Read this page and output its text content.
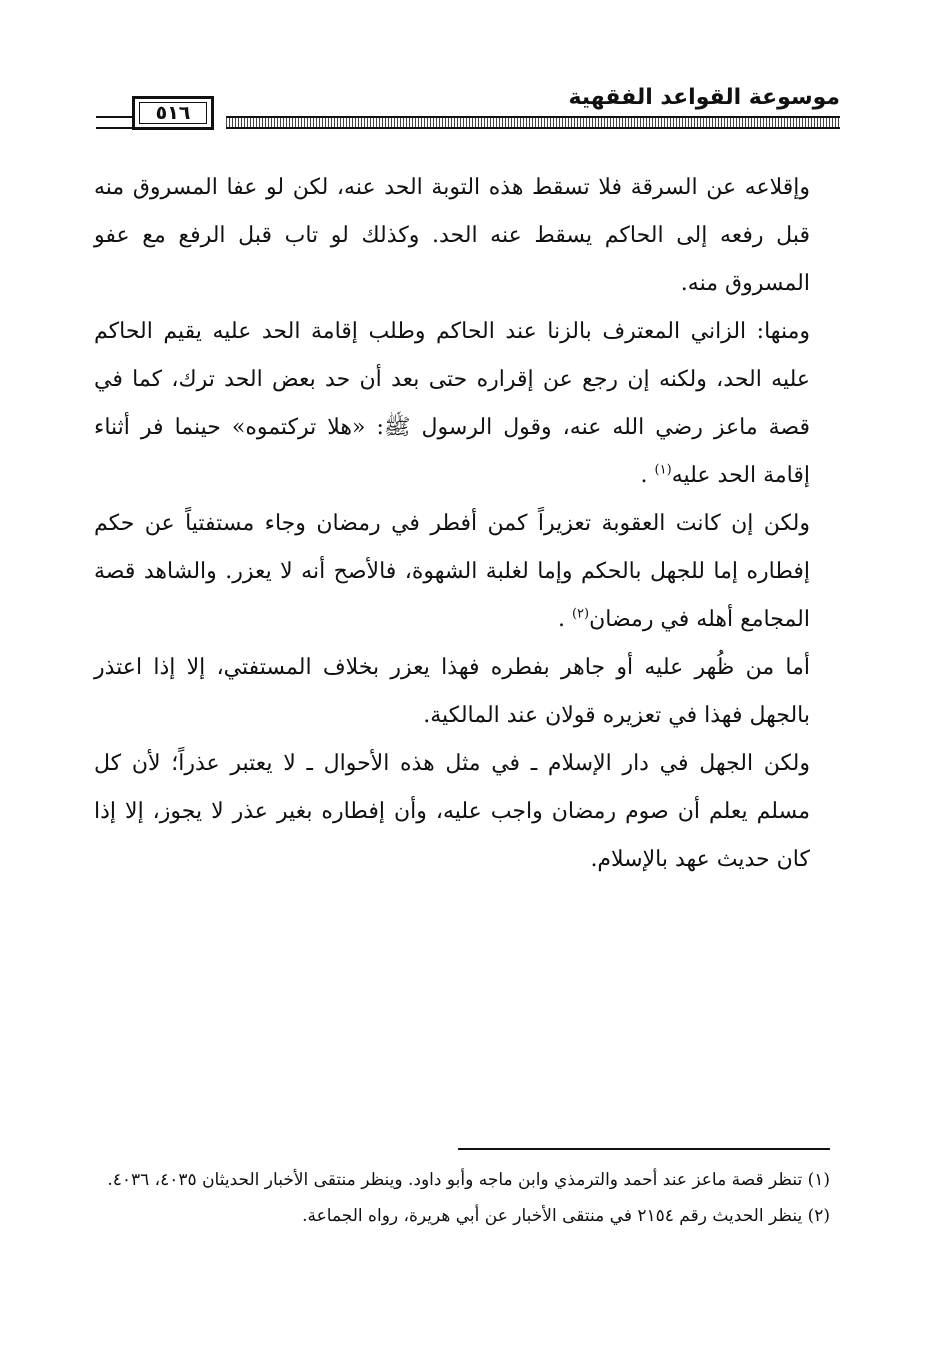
٥١٦
موسوعة القواعد الفقهية

وإقلاعه عن السرقة فلا تسقط هذه التوبة الحد عنه، لكن لو عفا المسروق منه قبل رفعه إلى الحاكم يسقط عنه الحد. وكذلك لو تاب قبل الرفع مع عفو المسروق منه.

ومنها: الزاني المعترف بالزنا عند الحاكم وطلب إقامة الحد عليه يقيم الحاكم عليه الحد، ولكنه إن رجع عن إقراره حتى بعد أن حد بعض الحد ترك، كما في قصة ماعز رضي الله عنه، وقول الرسول ﷺ: «هلا تركتموه» حينما فر أثناء إقامة الحد عليه$^{(١)}$ .

ولكن إن كانت العقوبة تعزيراً كمن أفطر في رمضان وجاء مستفتياً عن حكم إفطاره إما للجهل بالحكم وإما لغلبة الشهوة، فالأصح أنه لا يعزر. والشاهد قصة المجامع أهله في رمضان$^{(٢)}$ .

أما من ظُهر عليه أو جاهر بفطره فهذا يعزر بخلاف المستفتي، إلا إذا اعتذر بالجهل فهذا في تعزيره قولان عند المالكية.

ولكن الجهل في دار الإسلام ـ في مثل هذه الأحوال ـ لا يعتبر عذراً؛ لأن كل مسلم يعلم أن صوم رمضان واجب عليه، وأن إفطاره بغير عذر لا يجوز، إلا إذا كان حديث عهد بالإسلام.

(١) تنظر قصة ماعز عند أحمد والترمذي وابن ماجه وأبو داود. وينظر منتقى الأخبار الحديثان ٤٠٣٥، ٤٠٣٦.

(٢) ينظر الحديث رقم ٢١٥٤ في منتقى الأخبار عن أبي هريرة، رواه الجماعة.
